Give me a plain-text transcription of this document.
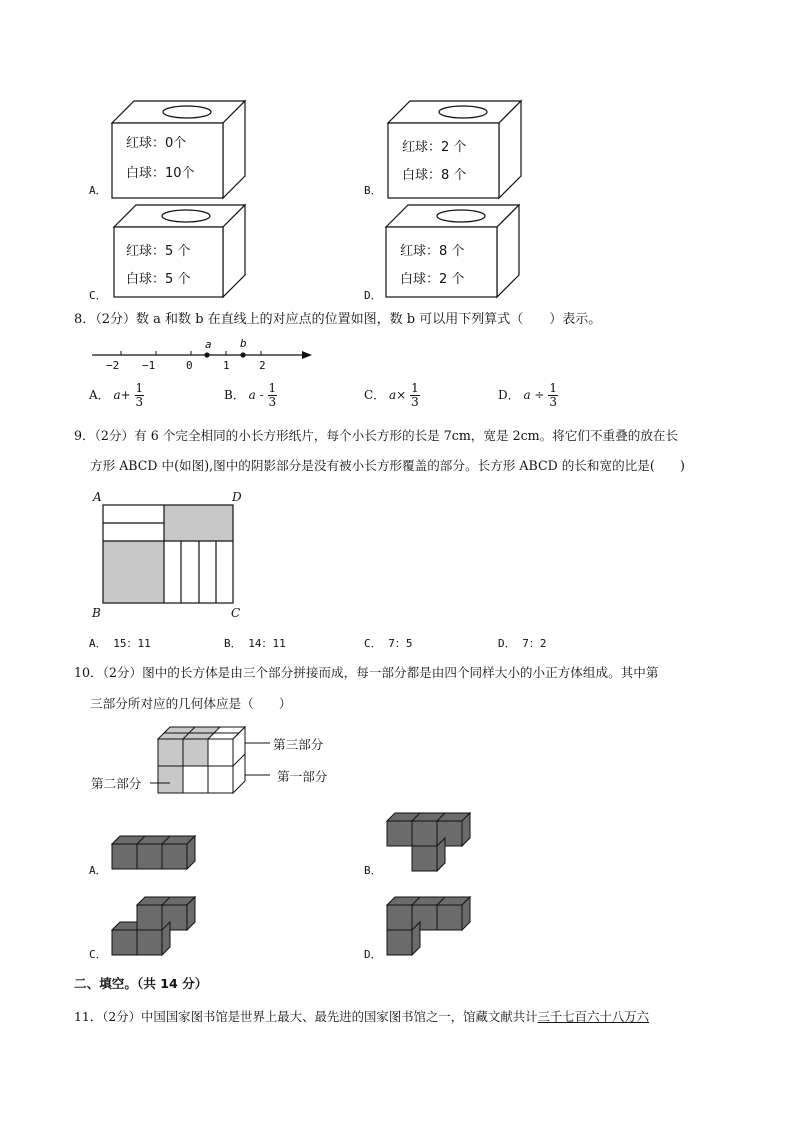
红球：0个
白球：10个
A．
红球：2 个
白球：8 个
B．
红球：5 个
白球：5 个
C．
红球：8 个
白球：2 个
D．
8．（2分）数 a 和数 b 在直线上的对应点的位置如图，数 b 可以用下列算式（　　）表示。
−2 −1	0	1	2
a	b
A． $a+ \frac{1}{3}$	B． a - $\frac{1}{3}$	C． $a\times \frac{1}{3}$	D． $a \div \frac{1}{3}$
9．（2分）有 6 个完全相同的小长方形纸片，每个小长方形的长是 7cm，宽是 2cm。将它们不重叠的放在长
方形 ABCD 中(如图),图中的阴影部分是没有被小长方形覆盖的部分。长方形 ABCD 的长和宽的比是(　　)
A	D
B	C
A． 15：11	B． 14：11	C． 7：5	D． 7：2
10．（2分）图中的长方体是由三个部分拼接而成，每一部分都是由四个同样大小的小正方体组成。其中第
三部分所对应的几何体应是（　　）
第三部分
第一部分
第二部分
A．	B．
C．	D．
二、填空。（共 14 分）
11．（2分）中国国家图书馆是世界上最大、最先进的国家图书馆之一，馆藏文献共计三千七百六十八万六
